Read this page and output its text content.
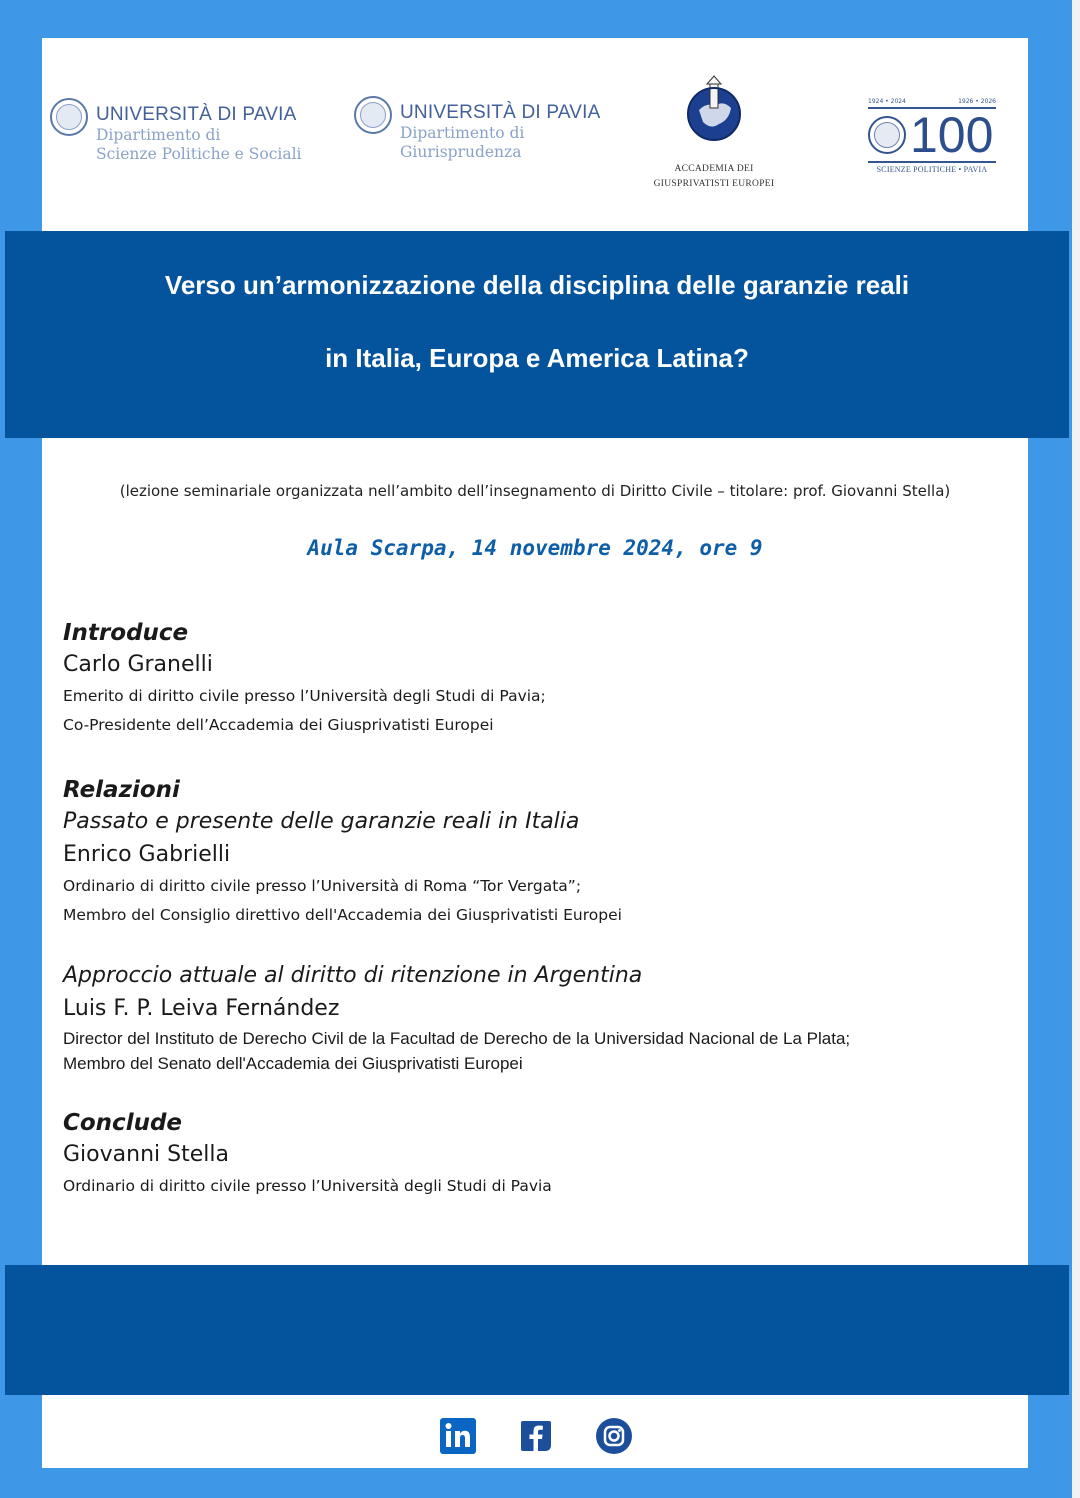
UNIVERSITÀ DI PAVIA
Dipartimento di
Scienze Politiche e Sociali
UNIVERSITÀ DI PAVIA
Dipartimento di
Giurisprudenza
ACCADEMIA DEI
GIUSPRIVATISTI EUROPEI
1924 • 2024	1926 • 2026
100
SCIENZE POLITICHE • PAVIA
(lezione seminariale organizzata nell’ambito dell’insegnamento di Diritto Civile – titolare: prof. Giovanni Stella)
Aula Scarpa, 14 novembre 2024, ore 9
Introduce
Carlo Granelli
Emerito di diritto civile presso l’Università degli Studi di Pavia;
Co-Presidente dell’Accademia dei Giusprivatisti Europei
Relazioni
Passato e presente delle garanzie reali in Italia
Enrico Gabrielli
Ordinario di diritto civile presso l’Università di Roma “Tor Vergata”;
Membro del Consiglio direttivo dell'Accademia dei Giusprivatisti Europei
Approccio attuale al diritto di ritenzione in Argentina
Luis F. P. Leiva Fernández
Director del Instituto de Derecho Civil de la Facultad de Derecho de la Universidad Nacional de La Plata;
Membro del Senato dell'Accademia dei Giusprivatisti Europei
Conclude
Giovanni Stella
Ordinario di diritto civile presso l’Università degli Studi di Pavia
Verso un’armonizzazione della disciplina delle garanzie reali
in Italia, Europa e America Latina?
